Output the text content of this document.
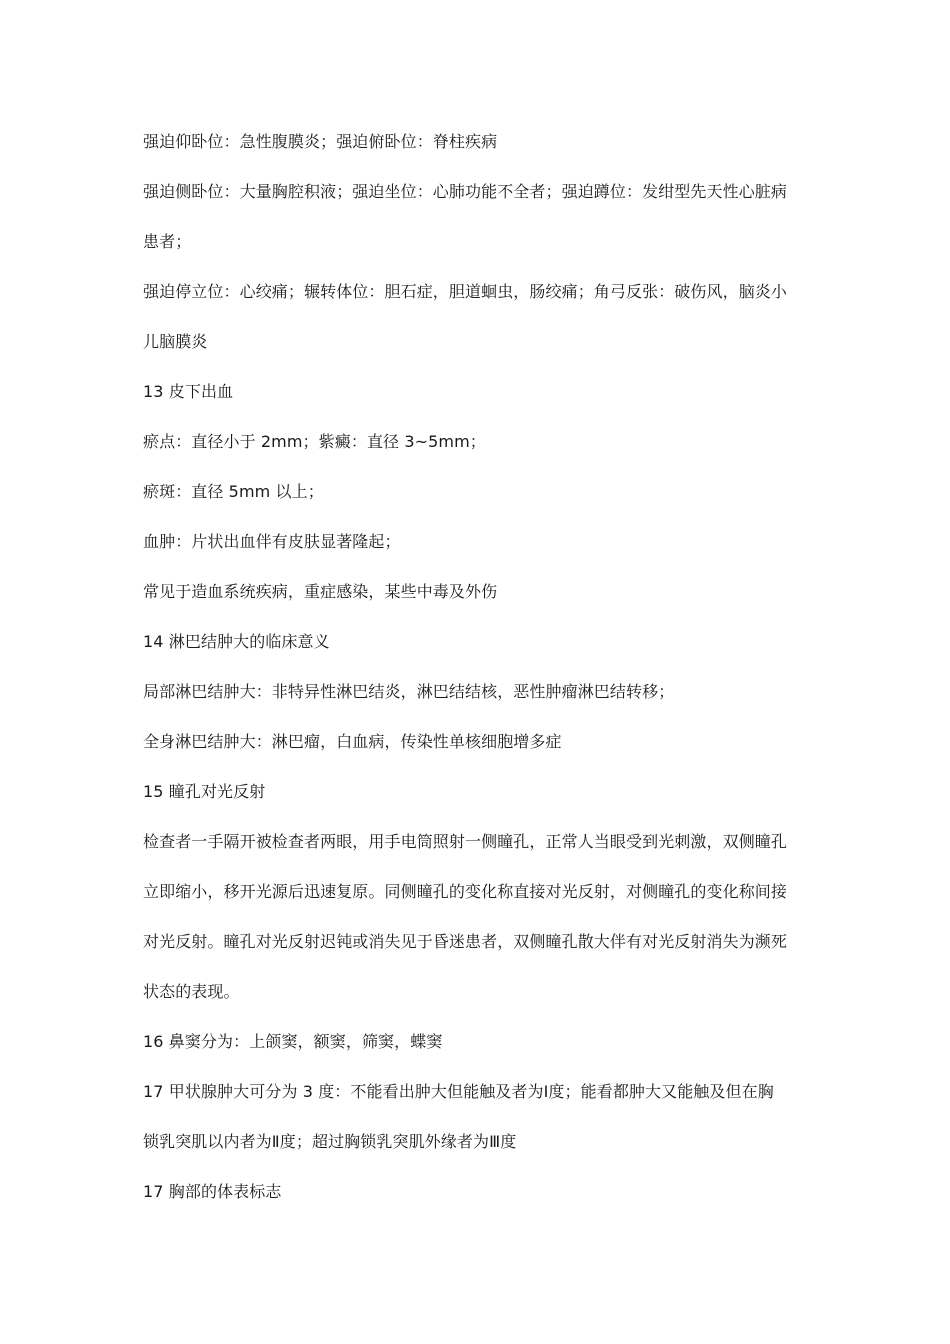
强迫仰卧位：急性腹膜炎；强迫俯卧位：脊柱疾病
强迫侧卧位：大量胸腔积液；强迫坐位：心肺功能不全者；强迫蹲位：发绀型先天性心脏病
患者；
强迫停立位：心绞痛；辗转体位：胆石症，胆道蛔虫，肠绞痛；角弓反张：破伤风，脑炎小
儿脑膜炎
13 皮下出血
瘀点：直径小于 2mm；紫癜：直径 3~5mm；
瘀斑：直径 5mm 以上；
血肿：片状出血伴有皮肤显著隆起；
常见于造血系统疾病，重症感染，某些中毒及外伤
14 淋巴结肿大的临床意义
局部淋巴结肿大：非特异性淋巴结炎，淋巴结结核，恶性肿瘤淋巴结转移；
全身淋巴结肿大：淋巴瘤，白血病，传染性单核细胞增多症
15 瞳孔对光反射
检查者一手隔开被检查者两眼，用手电筒照射一侧瞳孔，正常人当眼受到光刺激，双侧瞳孔
立即缩小，移开光源后迅速复原。同侧瞳孔的变化称直接对光反射，对侧瞳孔的变化称间接
对光反射。瞳孔对光反射迟钝或消失见于昏迷患者，双侧瞳孔散大伴有对光反射消失为濒死
状态的表现。
16 鼻窦分为：上颌窦，额窦，筛窦，蝶窦
17 甲状腺肿大可分为 3 度：不能看出肿大但能触及者为Ⅰ度；能看都肿大又能触及但在胸
锁乳突肌以内者为Ⅱ度；超过胸锁乳突肌外缘者为Ⅲ度
17 胸部的体表标志
